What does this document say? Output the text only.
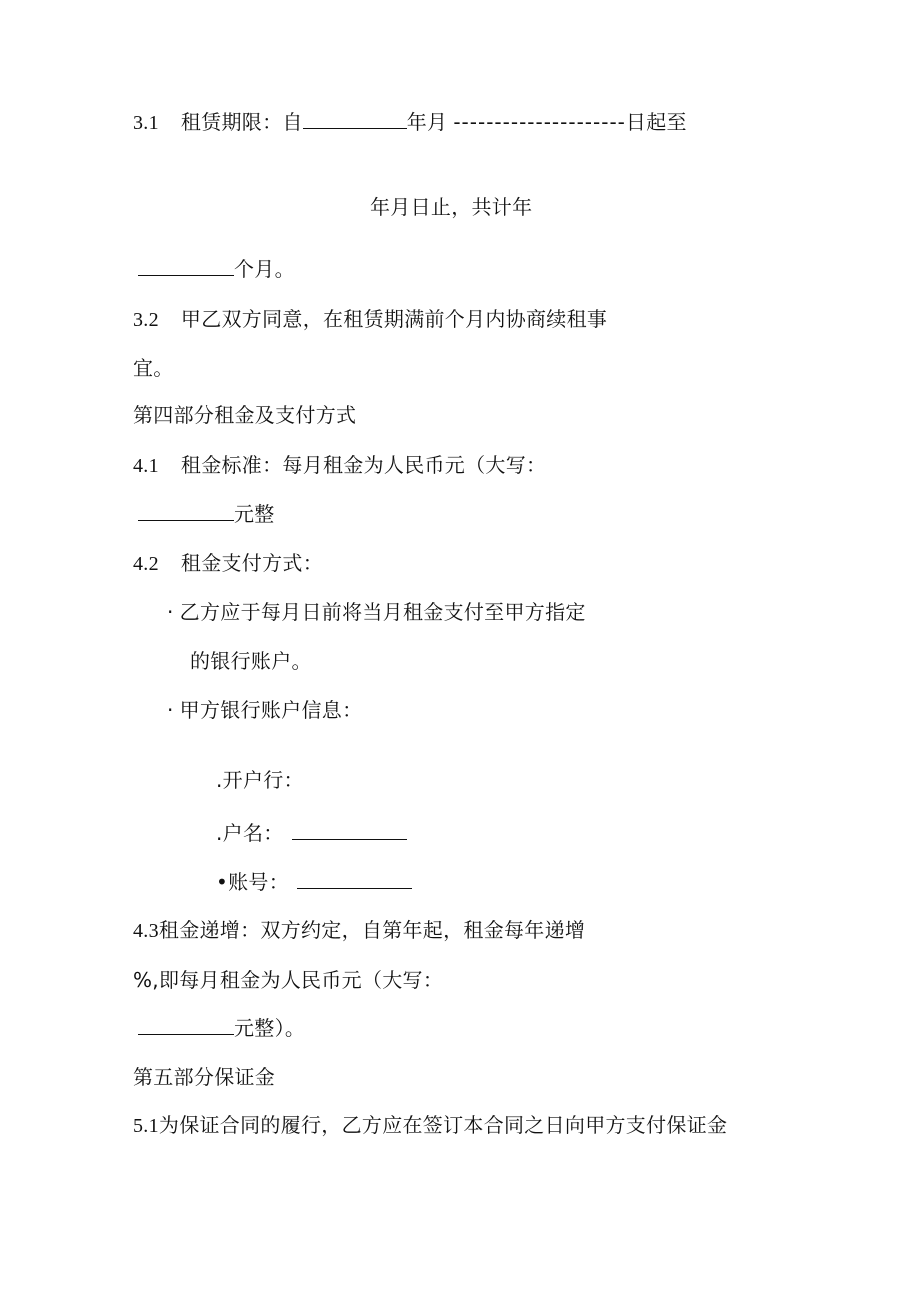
3.1 租赁期限：自	年月 ---------------------日起至
年月日止，共计年
个月。
3.2 甲乙双方同意，在租赁期满前个月内协商续租事
宜。
第四部分租金及支付方式
4.1 租金标准：每月租金为人民币元（大写：
元整
4.2 租金支付方式：
· 乙方应于每月日前将当月租金支付至甲方指定
的银行账户。
· 甲方银行账户信息：
.开户行：
.户名：
•账号：
4.3租金递增：双方约定，自第年起，租金每年递增
%,即每月租金为人民币元（大写：
元整）。
第五部分保证金
5.1为保证合同的履行，乙方应在签订本合同之日向甲方支付保证金
